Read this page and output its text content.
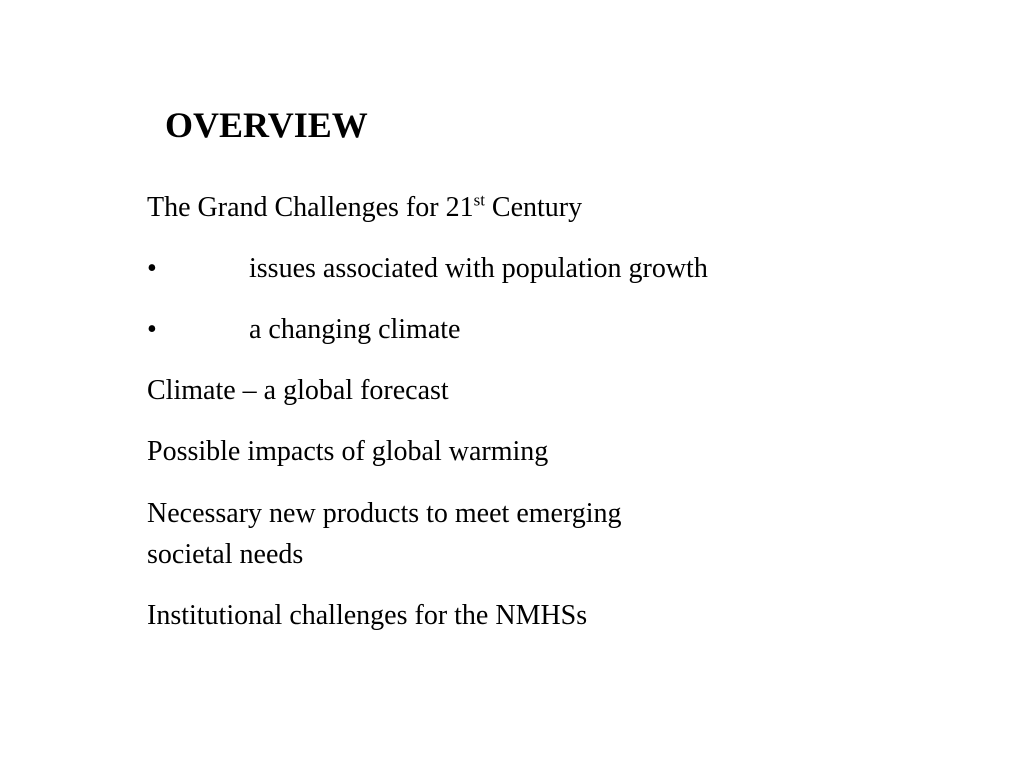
OVERVIEW
The Grand Challenges for 21st Century
•	issues associated with population growth
•	a changing climate
Climate – a global forecast
Possible impacts of global warming
Necessary new products to meet emerging
societal needs
Institutional challenges for the NMHSs
